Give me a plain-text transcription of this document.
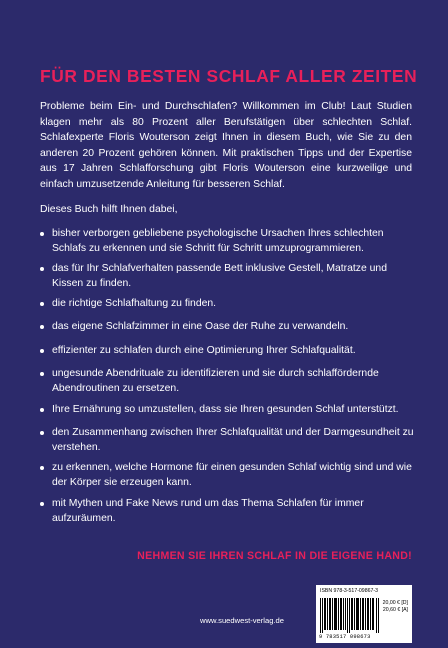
FÜR DEN BESTEN SCHLAF ALLER ZEITEN
Probleme beim Ein- und Durchschlafen? Willkommen im Club! Laut Studien klagen mehr als 80 Prozent aller Berufstätigen über schlechten Schlaf. Schlafexperte Floris Wouterson zeigt Ihnen in diesem Buch, wie Sie zu den anderen 20 Prozent gehören können. Mit praktischen Tipps und der Expertise aus 17 Jahren Schlafforschung gibt Floris Wouterson eine kurzweilige und einfach umzusetzende Anleitung für besseren Schlaf.
Dieses Buch hilft Ihnen dabei,
bisher verborgen gebliebene psychologische Ursachen Ihres schlechten Schlafs zu erkennen und sie Schritt für Schritt umzuprogrammieren.
das für Ihr Schlafverhalten passende Bett inklusive Gestell, Matratze und Kissen zu finden.
die richtige Schlafhaltung zu finden.
das eigene Schlafzimmer in eine Oase der Ruhe zu verwandeln.
effizienter zu schlafen durch eine Optimierung Ihrer Schlafqualität.
ungesunde Abendrituale zu identifizieren und sie durch schlaffördernde Abendroutinen zu ersetzen.
Ihre Ernährung so umzustellen, dass sie Ihren gesunden Schlaf unterstützt.
den Zusammenhang zwischen Ihrer Schlafqualität und der Darmgesundheit zu verstehen.
zu erkennen, welche Hormone für einen gesunden Schlaf wichtig sind und wie der Körper sie erzeugen kann.
mit Mythen und Fake News rund um das Thema Schlafen für immer aufzuräumen.
NEHMEN SIE IHREN SCHLAF IN DIE EIGENE HAND!
www.suedwest-verlag.de
ISBN 978-3-517-09867-3
20,00 € [D]
20,60 € [A]
9 783517 098673
